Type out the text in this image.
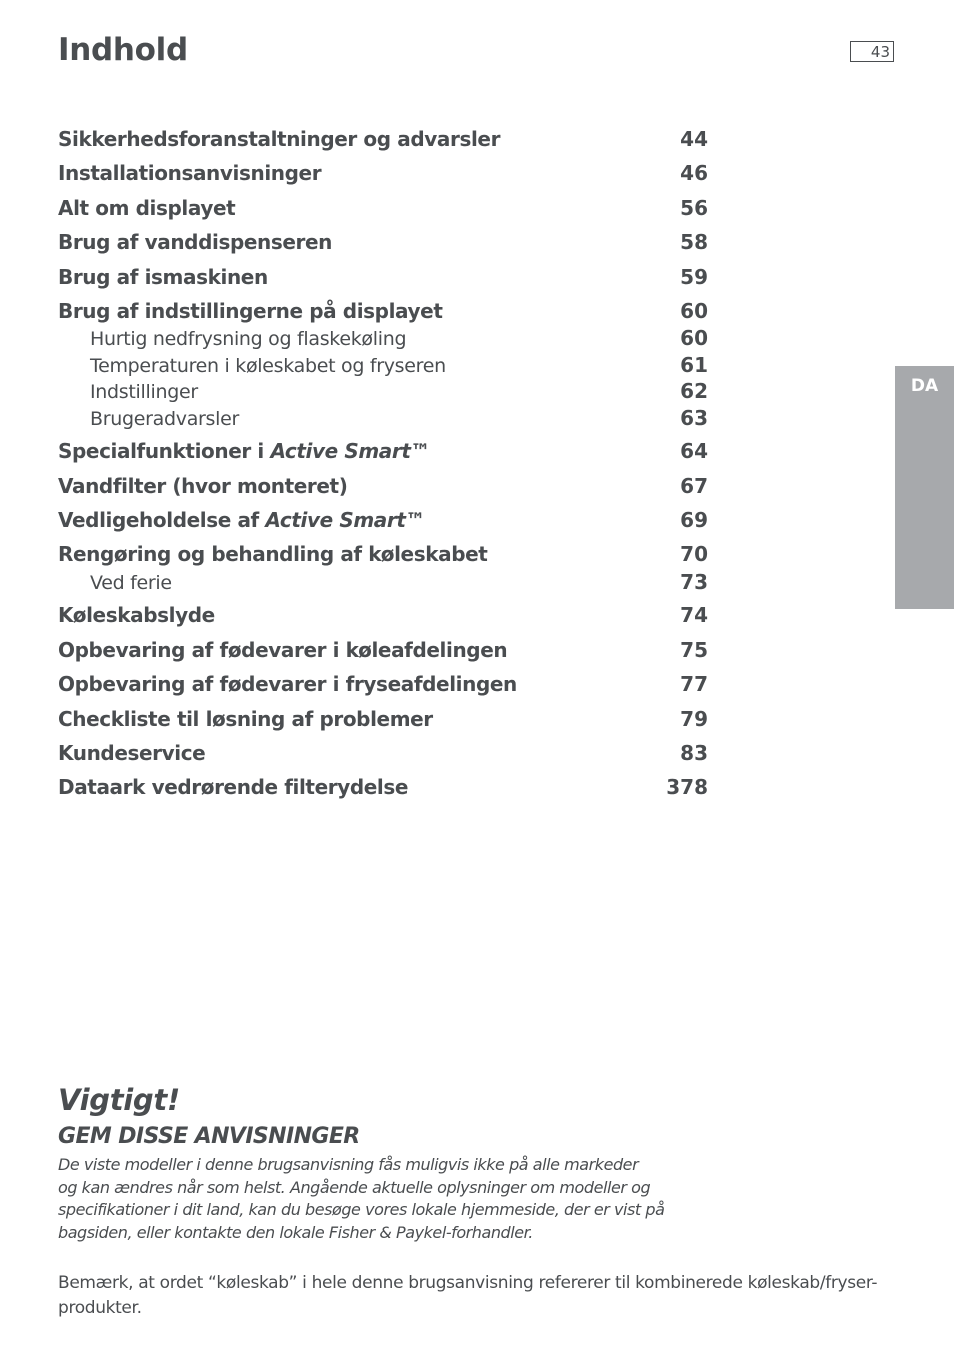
Indhold	43
DA
Sikkerhedsforanstaltninger og advarsler	44
Installationsanvisninger	46
Alt om displayet	56
Brug af vanddispenseren	58
Brug af ismaskinen	59
Brug af indstillingerne på displayet	60
Hurtig nedfrysning og flaskekøling	60
Temperaturen i køleskabet og fryseren	61
Indstillinger	62
Brugeradvarsler	63
Specialfunktioner i Active Smart™	64
Vandfilter (hvor monteret)	67
Vedligeholdelse af Active Smart™	69
Rengøring og behandling af køleskabet	70
Ved ferie	73
Køleskabslyde	74
Opbevaring af fødevarer i køleafdelingen	75
Opbevaring af fødevarer i fryseafdelingen	77
Checkliste til løsning af problemer	79
Kundeservice	83
Dataark vedrørende filterydelse	378
Vigtigt!
GEM DISSE ANVISNINGER
De viste modeller i denne brugsanvisning fås muligvis ikke på alle markeder
og kan ændres når som helst. Angående aktuelle oplysninger om modeller og
specifikationer i dit land, kan du besøge vores lokale hjemmeside, der er vist på
bagsiden, eller kontakte den lokale Fisher & Paykel-forhandler.
Bemærk, at ordet “køleskab” i hele denne brugsanvisning refererer til kombinerede køleskab/fryser-produkter.
